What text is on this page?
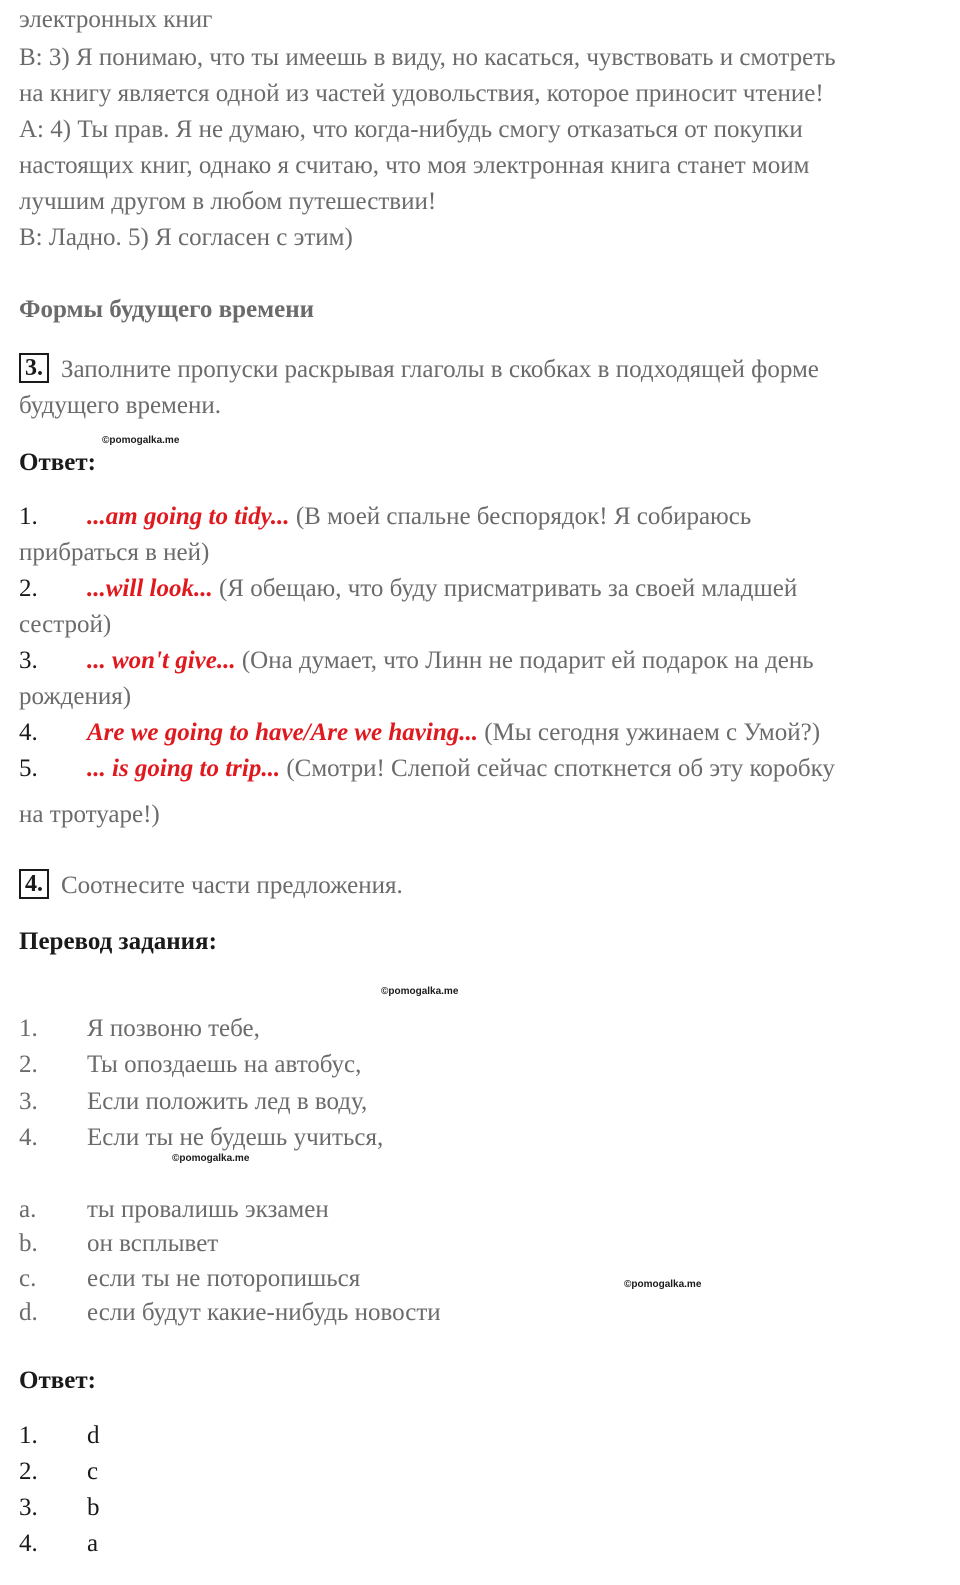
электронных книг

В: 3) Я понимаю, что ты имеешь в виду, но касаться, чувствовать и смотреть

на книгу является одной из частей удовольствия, которое приносит чтение!

А: 4) Ты прав. Я не думаю, что когда-нибудь смогу отказаться от покупки

настоящих книг, однако я считаю, что моя электронная книга станет моим

лучшим другом в любом путешествии!

В: Ладно. 5) Я согласен с этим)

Формы будущего времени

3. Заполните пропуски раскрывая глаголы в скобках в подходящей форме

будущего времени.

©pomogalka.me

Ответ:

1. ...am going to tidy... (В моей спальне беспорядок! Я собираюсь

прибраться в ней)

2. ...will look... (Я обещаю, что буду присматривать за своей младшей

сестрой)

3. ... won't give... (Она думает, что Линн не подарит ей подарок на день

рождения)

4. Are we going to have/Are we having... (Мы сегодня ужинаем с Умой?)
5. ... is going to trip... (Смотри! Слепой сейчас споткнется об эту коробку

на тротуаре!)

4. Соотнесите части предложения.

Перевод задания:

©pomogalka.me
1. Я позвоню тебе,
2. Ты опоздаешь на автобус,
3. Если положить лед в воду,
4. Если ты не будешь учиться,
©pomogalka.me
a. ты провалишь экзамен
b. он всплывет
c. если ты не поторопишься	©pomogalka.me
d. если будут какие-нибудь новости

Ответ:

1. d
2. c
3. b
4. a
